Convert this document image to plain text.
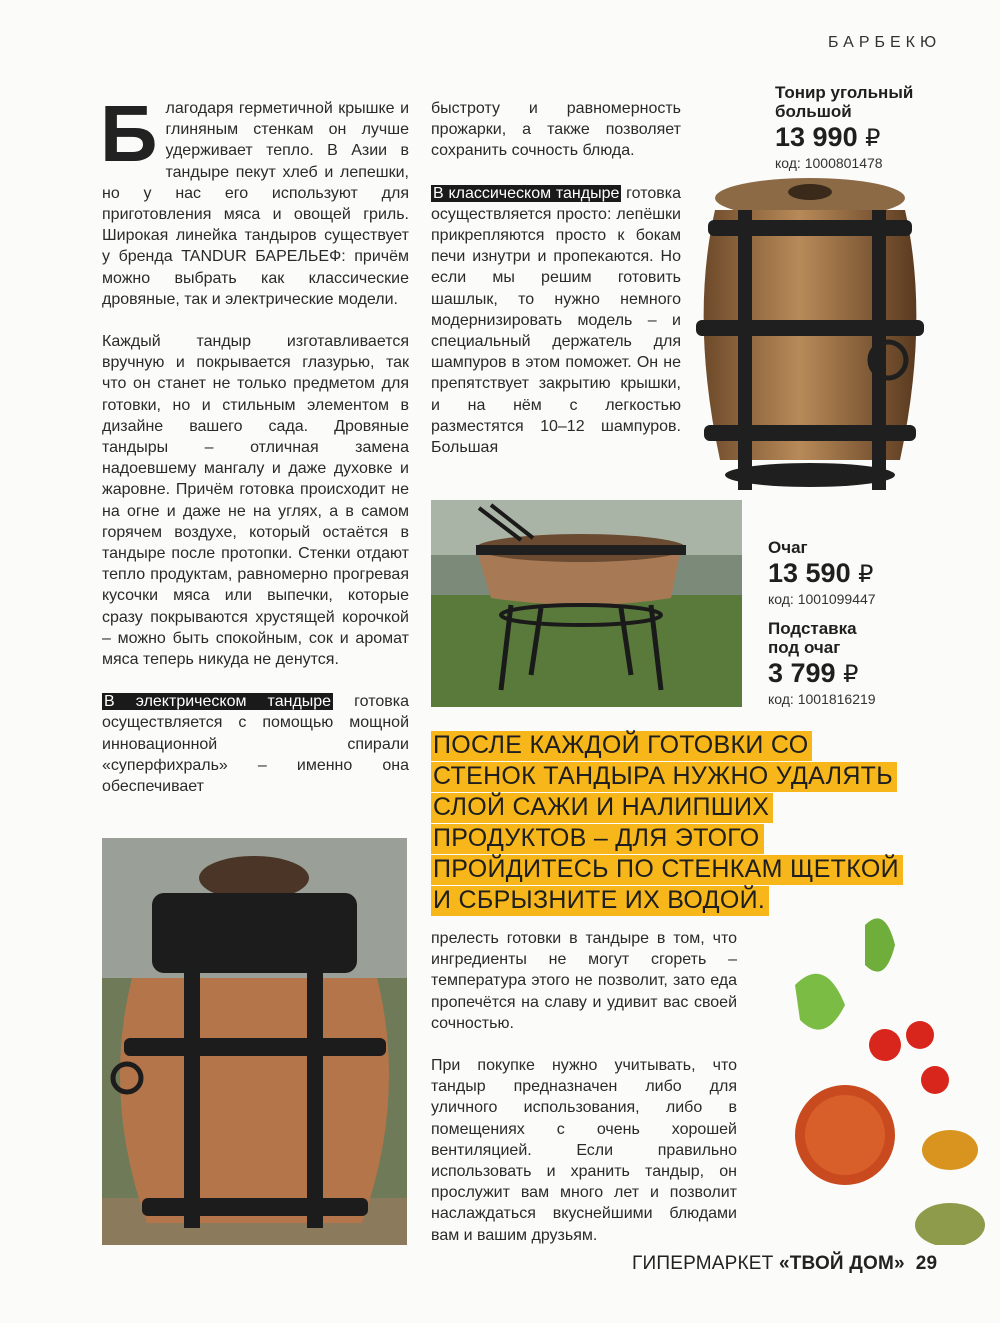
БАРБЕКЮ

Благодаря герметичной крышке и глиняным стенкам он лучше удерживает тепло. В Азии в тандыре пекут хлеб и лепешки, но у нас его используют для приготовления мяса и овощей гриль. Широкая линейка тандыров существует у бренда TANDUR БАРЕЛЬЕФ: причём можно выбрать как классические дровяные, так и электрические модели.

Каждый тандыр изготавливается вручную и покрывается глазурью, так что он станет не только предметом для готовки, но и стильным элементом в дизайне вашего сада. Дровяные тандыры – отличная замена надоевшему мангалу и даже духовке и жаровне. Причём готовка происходит не на огне и даже не на углях, а в самом горячем воздухе, который остаётся в тандыре после протопки. Стенки отдают тепло продуктам, равномерно прогревая кусочки мяса или выпечки, которые сразу покрываются хрустящей корочкой – можно быть спокойным, сок и аромат мяса теперь никуда не денутся.

В электрическом тандыре готовка осуществляется с помощью мощной инновационной спирали «суперфихраль» – именно она обеспечивает

быстроту и равномерность прожарки, а также позволяет сохранить сочность блюда.

В классическом тандыре готовка осуществляется просто: лепёшки прикрепляются просто к бокам печи изнутри и пропекаются. Но если мы решим готовить шашлык, то нужно немного модернизировать модель – и специальный держатель для шампуров в этом поможет. Он не препятствует закрытию крышки, и на нём с легкостью разместятся 10–12 шампуров. Большая

прелесть готовки в тандыре в том, что ингредиенты не могут сгореть – температура этого не позволит, зато еда пропечётся на славу и удивит вас своей сочностью.

При покупке нужно учитывать, что тандыр предназначен либо для уличного использования, либо в помещениях с очень хорошей вентиляцией. Если правильно использовать и хранить тандыр, он прослужит вам много лет и позволит наслаждаться вкуснейшими блюдами вам и вашим друзьям.

Тонир угольный
большой
13 990 ₽
код: 1000801478
Очаг
13 590 ₽
код: 1001099447
Подставка
под очаг
3 799 ₽
код: 1001816219
ПОСЛЕ КАЖДОЙ ГОТОВКИ СО
СТЕНОК ТАНДЫРА НУЖНО УДАЛЯТЬ
СЛОЙ САЖИ И НАЛИПШИХ
ПРОДУКТОВ – ДЛЯ ЭТОГО
ПРОЙДИТЕСЬ ПО СТЕНКАМ ЩЕТКОЙ
И СБРЫЗНИТЕ ИХ ВОДОЙ.
ГИПЕРМАРКЕТ «ТВОЙ ДОМ» 29
